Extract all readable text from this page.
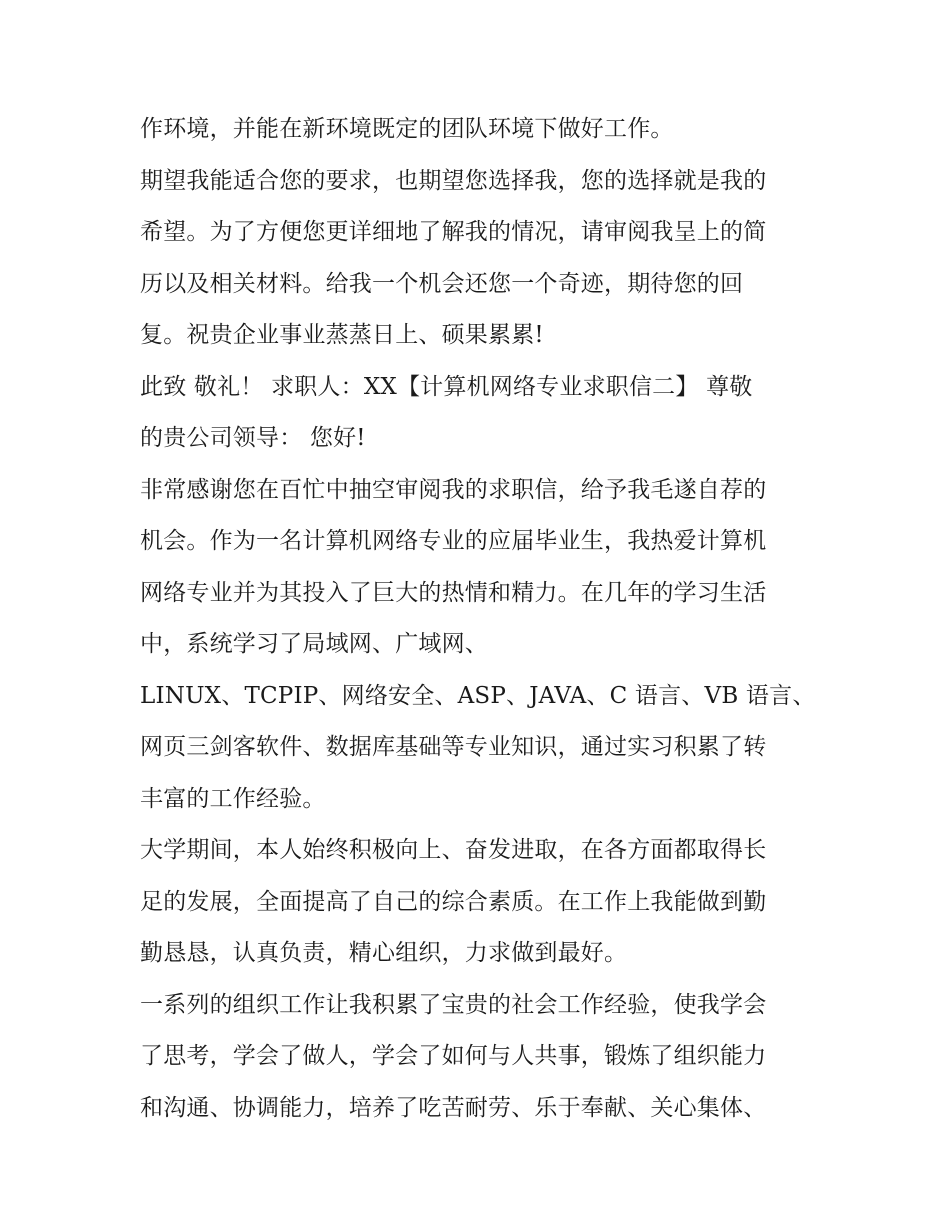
作环境，并能在新环境既定的团队环境下做好工作。
期望我能适合您的要求，也期望您选择我，您的选择就是我的
希望。为了方便您更详细地了解我的情况，请审阅我呈上的简
历以及相关材料。给我一个机会还您一个奇迹，期待您的回
复。祝贵企业事业蒸蒸日上、硕果累累!
此致 敬礼！ 求职人：XX【计算机网络专业求职信二】 尊敬
的贵公司领导： 您好!
非常感谢您在百忙中抽空审阅我的求职信，给予我毛遂自荐的
机会。作为一名计算机网络专业的应届毕业生，我热爱计算机
网络专业并为其投入了巨大的热情和精力。在几年的学习生活
中，系统学习了局域网、广域网、
LINUX、TCPIP、网络安全、ASP、JAVA、C 语言、VB 语言、
网页三剑客软件、数据库基础等专业知识，通过实习积累了转
丰富的工作经验。
大学期间，本人始终积极向上、奋发进取，在各方面都取得长
足的发展，全面提高了自己的综合素质。在工作上我能做到勤
勤恳恳，认真负责，精心组织，力求做到最好。
一系列的组织工作让我积累了宝贵的社会工作经验，使我学会
了思考，学会了做人，学会了如何与人共事，锻炼了组织能力
和沟通、协调能力，培养了吃苦耐劳、乐于奉献、关心集体、
